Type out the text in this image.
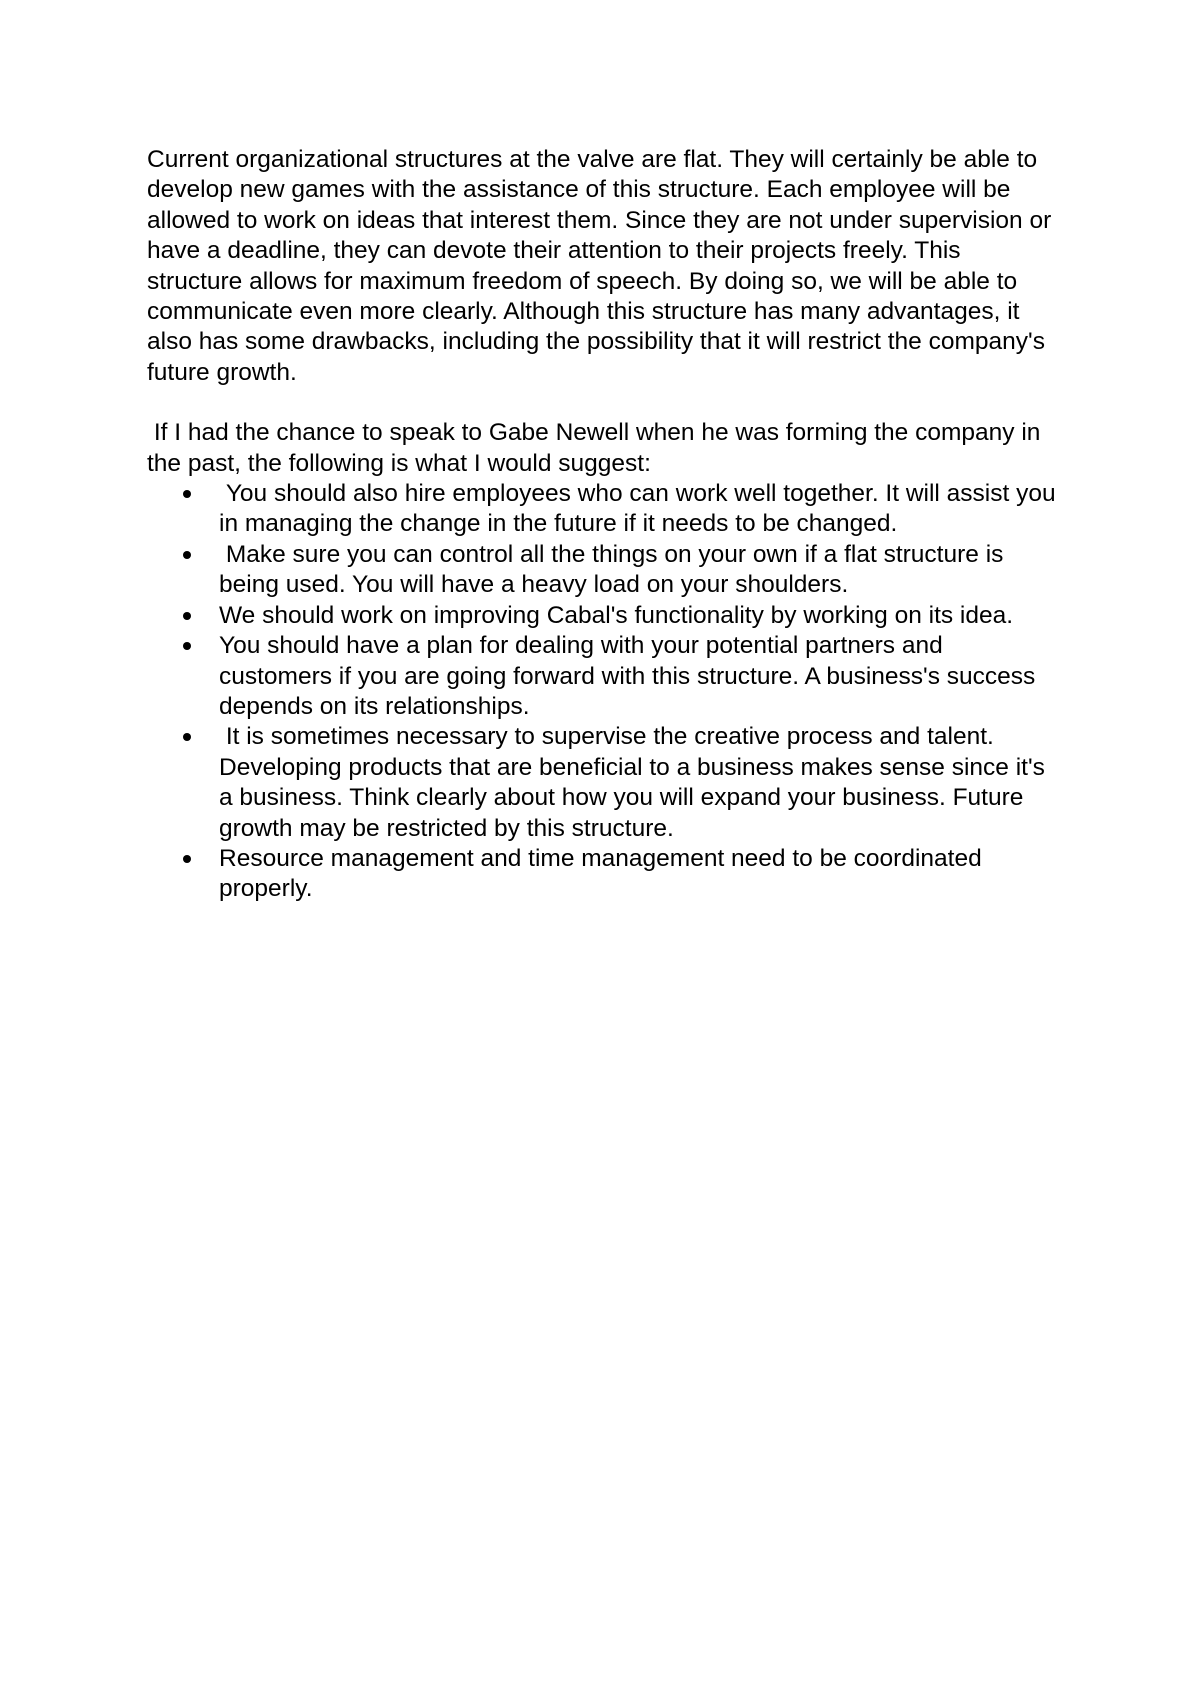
Current organizational structures at the valve are flat. They will certainly be able to develop new games with the assistance of this structure. Each employee will be allowed to work on ideas that interest them. Since they are not under supervision or have a deadline, they can devote their attention to their projects freely. This structure allows for maximum freedom of speech. By doing so, we will be able to communicate even more clearly. Although this structure has many advantages, it also has some drawbacks, including the possibility that it will restrict the company's future growth.

If I had the chance to speak to Gabe Newell when he was forming the company in the past, the following is what I would suggest:

You should also hire employees who can work well together. It will assist you in managing the change in the future if it needs to be changed.
Make sure you can control all the things on your own if a flat structure is being used. You will have a heavy load on your shoulders.
We should work on improving Cabal's functionality by working on its idea.
You should have a plan for dealing with your potential partners and customers if you are going forward with this structure. A business's success depends on its relationships.
It is sometimes necessary to supervise the creative process and talent. Developing products that are beneficial to a business makes sense since it's a business. Think clearly about how you will expand your business. Future growth may be restricted by this structure.
Resource management and time management need to be coordinated properly.
